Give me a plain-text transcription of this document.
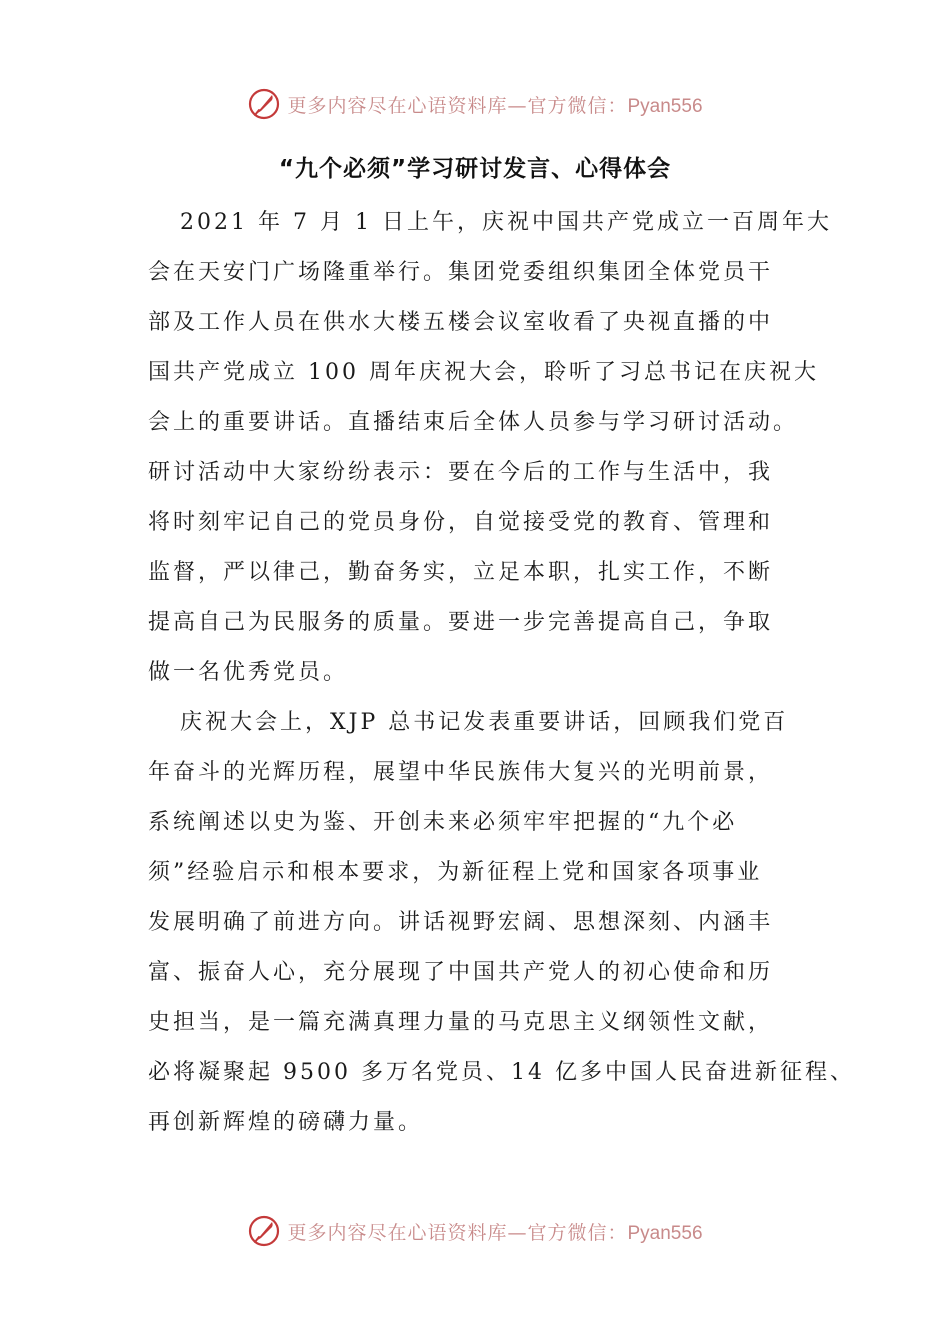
更多内容尽在心语资料库—官方微信：Pyan556
“九个必须”学习研讨发言、心得体会
2021 年 7 月 1 日上午，庆祝中国共产党成立一百周年大
会在天安门广场隆重举行。集团党委组织集团全体党员干
部及工作人员在供水大楼五楼会议室收看了央视直播的中
国共产党成立 100 周年庆祝大会，聆听了习总书记在庆祝大
会上的重要讲话。直播结束后全体人员参与学习研讨活动。
研讨活动中大家纷纷表示：要在今后的工作与生活中，我
将时刻牢记自己的党员身份，自觉接受党的教育、管理和
监督，严以律己，勤奋务实，立足本职，扎实工作，不断
提高自己为民服务的质量。要进一步完善提高自己，争取
做一名优秀党员。
庆祝大会上，XJP 总书记发表重要讲话，回顾我们党百
年奋斗的光辉历程，展望中华民族伟大复兴的光明前景，
系统阐述以史为鉴、开创未来必须牢牢把握的“九个必
须”经验启示和根本要求，为新征程上党和国家各项事业
发展明确了前进方向。讲话视野宏阔、思想深刻、内涵丰
富、振奋人心，充分展现了中国共产党人的初心使命和历
史担当，是一篇充满真理力量的马克思主义纲领性文献，
必将凝聚起 9500 多万名党员、14 亿多中国人民奋进新征程、
再创新辉煌的磅礴力量。
更多内容尽在心语资料库—官方微信：Pyan556
